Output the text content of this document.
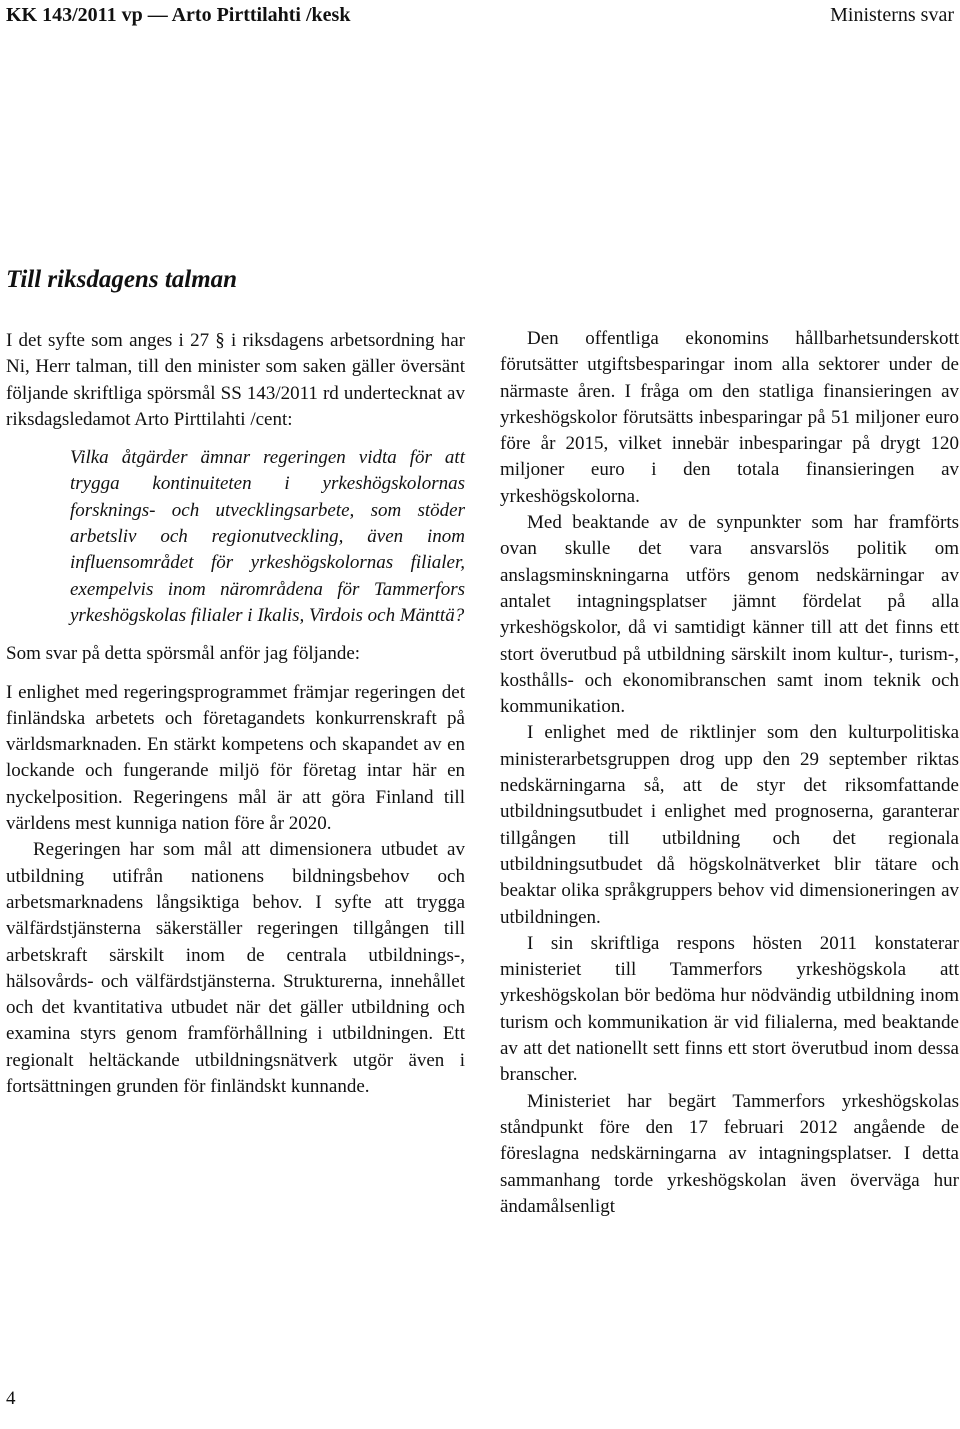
KK 143/2011 vp — Arto Pirttilahti /kesk	Ministerns svar
Till riksdagens talman

I det syfte som anges i 27 § i riksdagens arbetsordning har Ni, Herr talman, till den minister som saken gäller översänt följande skriftliga spörsmål SS 143/2011 rd undertecknat av riksdagsledamot Arto Pirttilahti /cent:

Vilka åtgärder ämnar regeringen vidta för att trygga kontinuiteten i yrkeshögskolornas forsknings- och utvecklingsarbete, som stöder arbetsliv och regionutveckling, även inom influensområdet för yrkeshögskolornas filialer, exempelvis inom närområdena för Tammerfors yrkeshögskolas filialer i Ikalis, Virdois och Mänttä?

Som svar på detta spörsmål anför jag följande:

I enlighet med regeringsprogrammet främjar regeringen det finländska arbetets och företagandets konkurrenskraft på världsmarknaden. En stärkt kompetens och skapandet av en lockande och fungerande miljö för företag intar här en nyckelposition. Regeringens mål är att göra Finland till världens mest kunniga nation före år 2020.

Regeringen har som mål att dimensionera utbudet av utbildning utifrån nationens bildningsbehov och arbetsmarknadens långsiktiga behov. I syfte att trygga välfärdstjänsterna säkerställer regeringen tillgången till arbetskraft särskilt inom de centrala utbildnings-, hälsovårds- och välfärdstjänsterna. Strukturerna, innehållet och det kvantitativa utbudet när det gäller utbildning och examina styrs genom framförhållning i utbildningen. Ett regionalt heltäckande utbildningsnätverk utgör även i fortsättningen grunden för finländskt kunnande.

Den offentliga ekonomins hållbarhetsunderskott förutsätter utgiftsbesparingar inom alla sektorer under de närmaste åren. I fråga om den statliga finansieringen av yrkeshögskolor förutsätts inbesparingar på 51 miljoner euro före år 2015, vilket innebär inbesparingar på drygt 120 miljoner euro i den totala finansieringen av yrkeshögskolorna.

Med beaktande av de synpunkter som har framförts ovan skulle det vara ansvarslös politik om anslagsminskningarna utförs genom nedskärningar av antalet intagningsplatser jämnt fördelat på alla yrkeshögskolor, då vi samtidigt känner till att det finns ett stort överutbud på utbildning särskilt inom kultur-, turism-, kosthålls- och ekonomibranschen samt inom teknik och kommunikation.

I enlighet med de riktlinjer som den kulturpolitiska ministerarbetsgruppen drog upp den 29 september riktas nedskärningarna så, att de styr det riksomfattande utbildningsutbudet i enlighet med prognoserna, garanterar tillgången till utbildning och det regionala utbildningsutbudet då högskolnätverket blir tätare och beaktar olika språkgruppers behov vid dimensioneringen av utbildningen.

I sin skriftliga respons hösten 2011 konstaterar ministeriet till Tammerfors yrkeshögskola att yrkeshögskolan bör bedöma hur nödvändig utbildning inom turism och kommunikation är vid filialerna, med beaktande av att det nationellt sett finns ett stort överutbud inom dessa branscher.

Ministeriet har begärt Tammerfors yrkeshögskolas ståndpunkt före den 17 februari 2012 angående de föreslagna nedskärningarna av intagningsplatser. I detta sammanhang torde yrkeshögskolan även överväga hur ändamålsenligt

4
